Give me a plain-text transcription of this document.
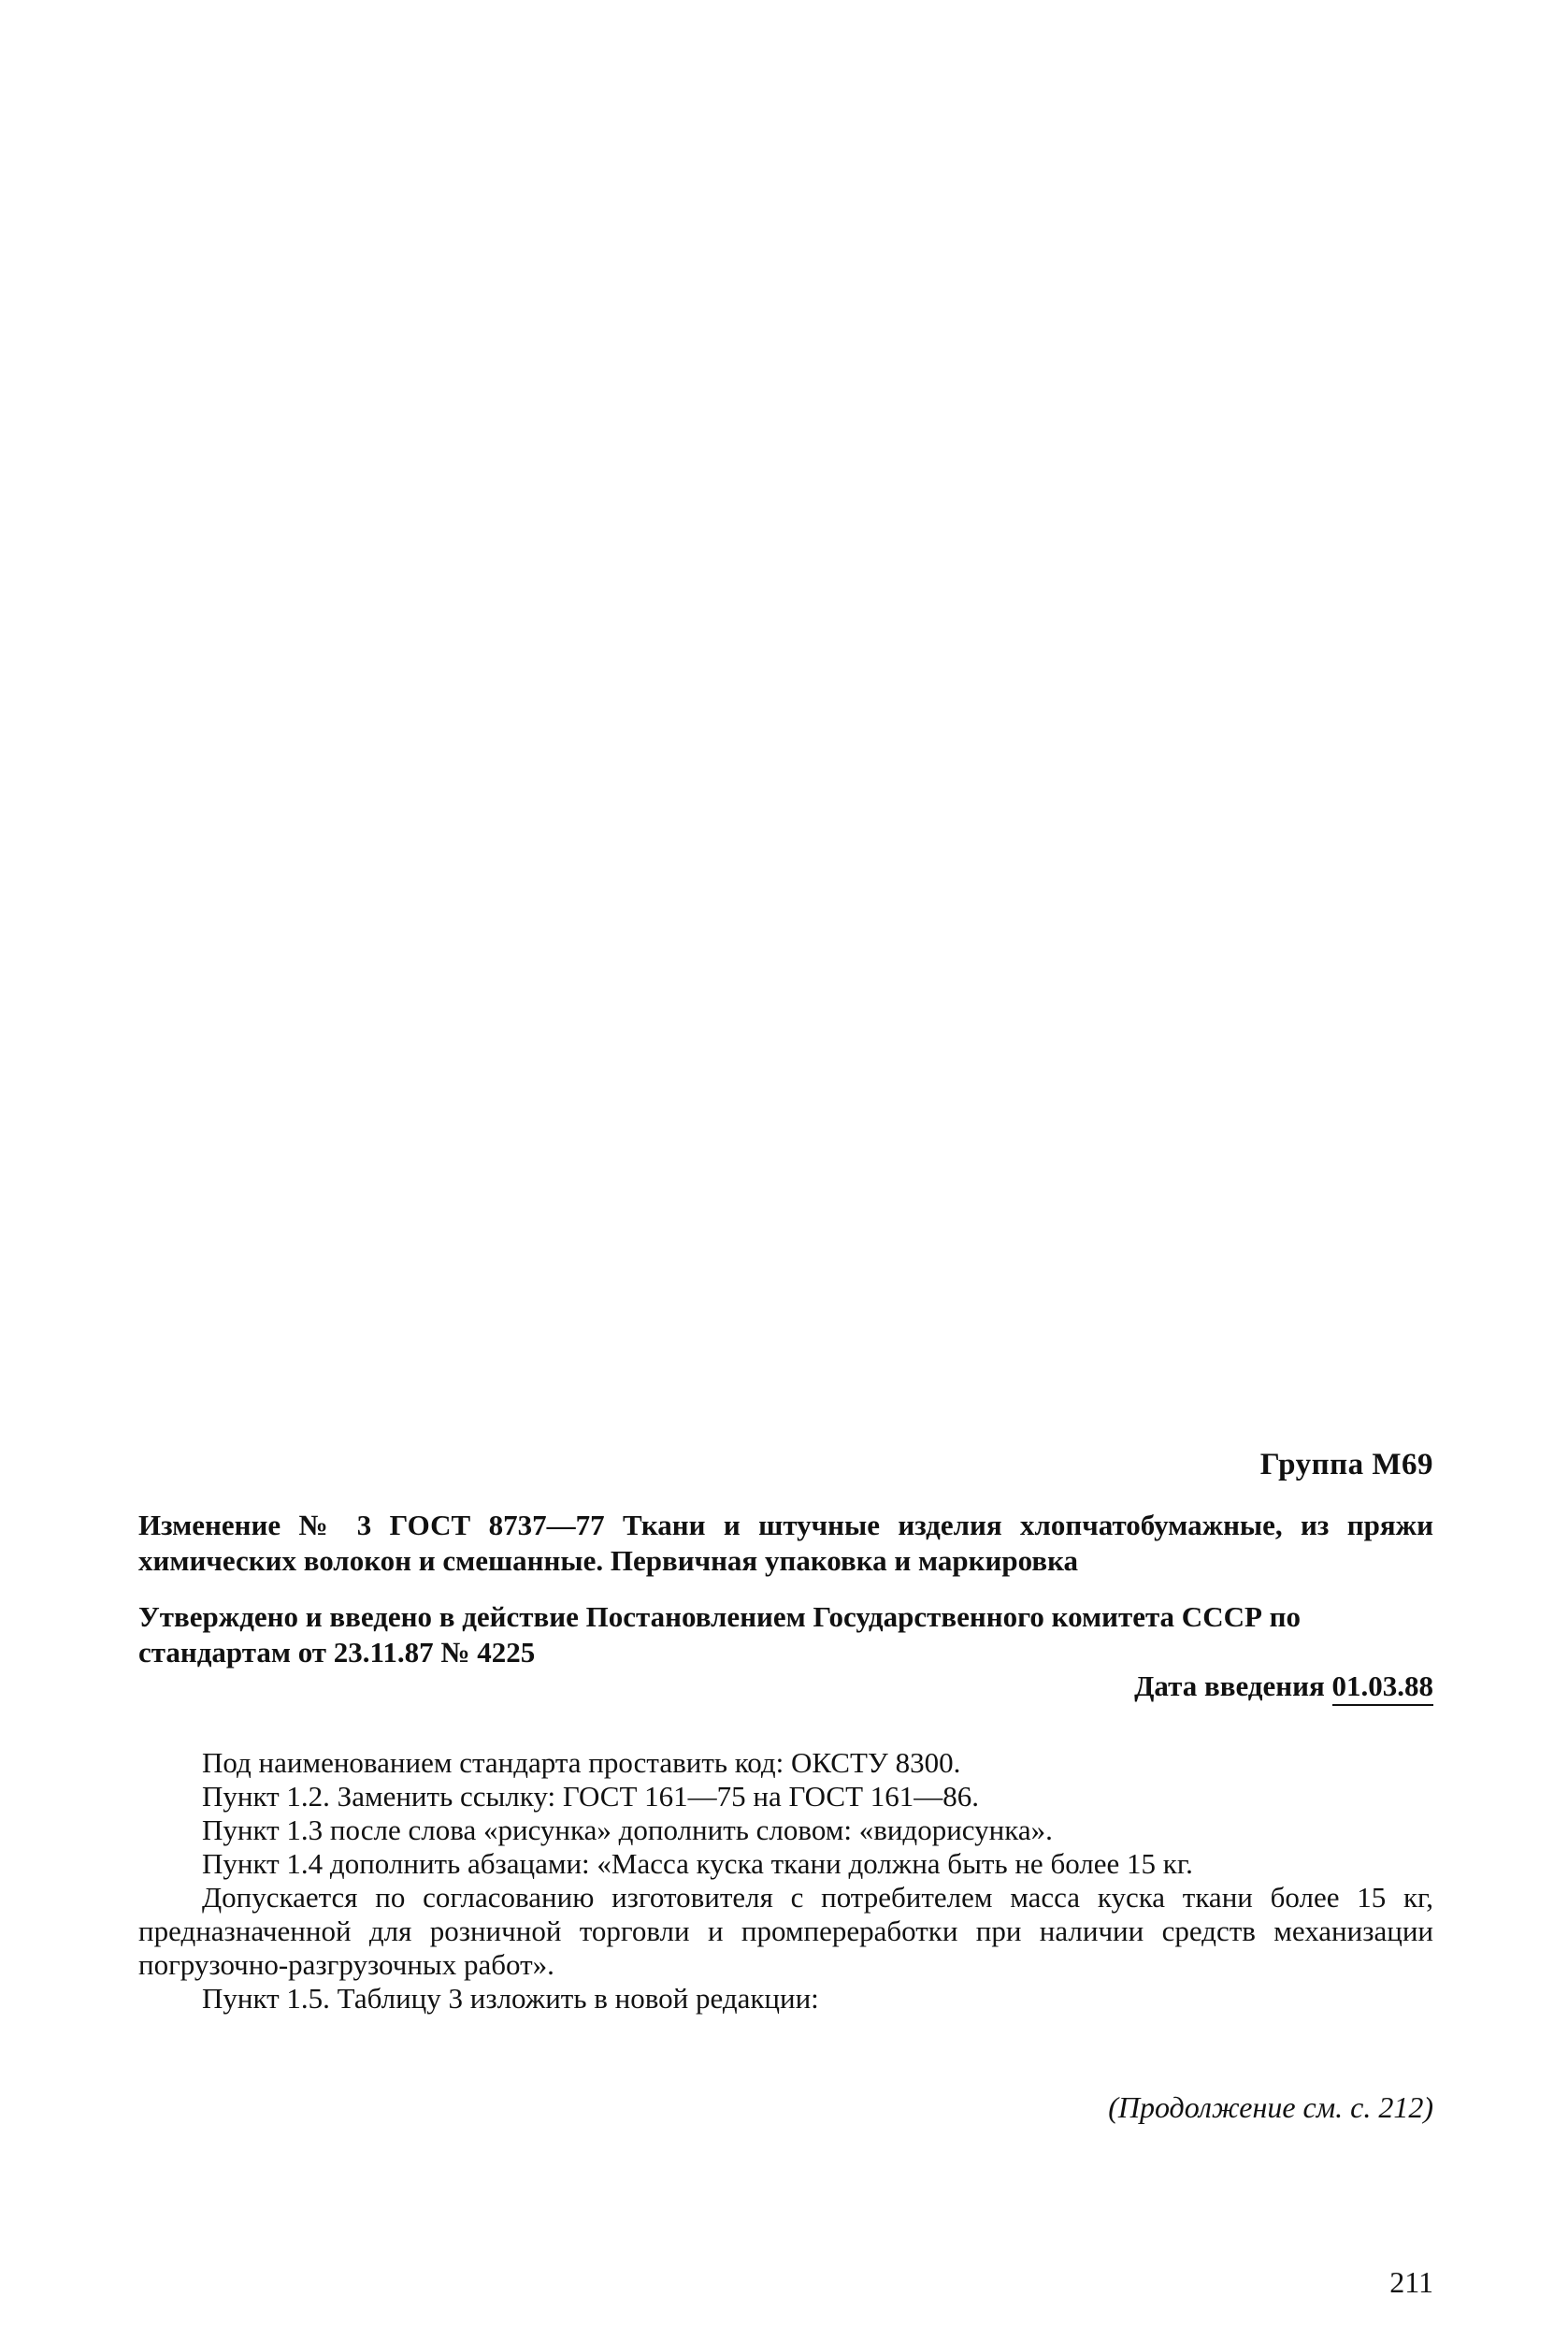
Группа М69
Изменение № 3 ГОСТ 8737—77 Ткани и штучные изделия хлопчатобумажные, из пряжи химических волокон и смешанные. Первичная упаковка и маркировка
Утверждено и введено в действие Постановлением Государственного комитета СССР по стандартам от 23.11.87 № 4225
Дата введения 01.03.88

Под наименованием стандарта проставить код: ОКСТУ 8300.

Пункт 1.2. Заменить ссылку: ГОСТ 161—75 на ГОСТ 161—86.

Пункт 1.3 после слова «рисунка» дополнить словом: «видорисунка».

Пункт 1.4 дополнить абзацами: «Масса куска ткани должна быть не более 15 кг.

Допускается по согласованию изготовителя с потребителем масса куска ткани более 15 кг, предназначенной для розничной торговли и промпереработки при наличии средств механизации погрузочно-разгрузочных работ».

Пункт 1.5. Таблицу 3 изложить в новой редакции:

(Продолжение см. с. 212)
211
